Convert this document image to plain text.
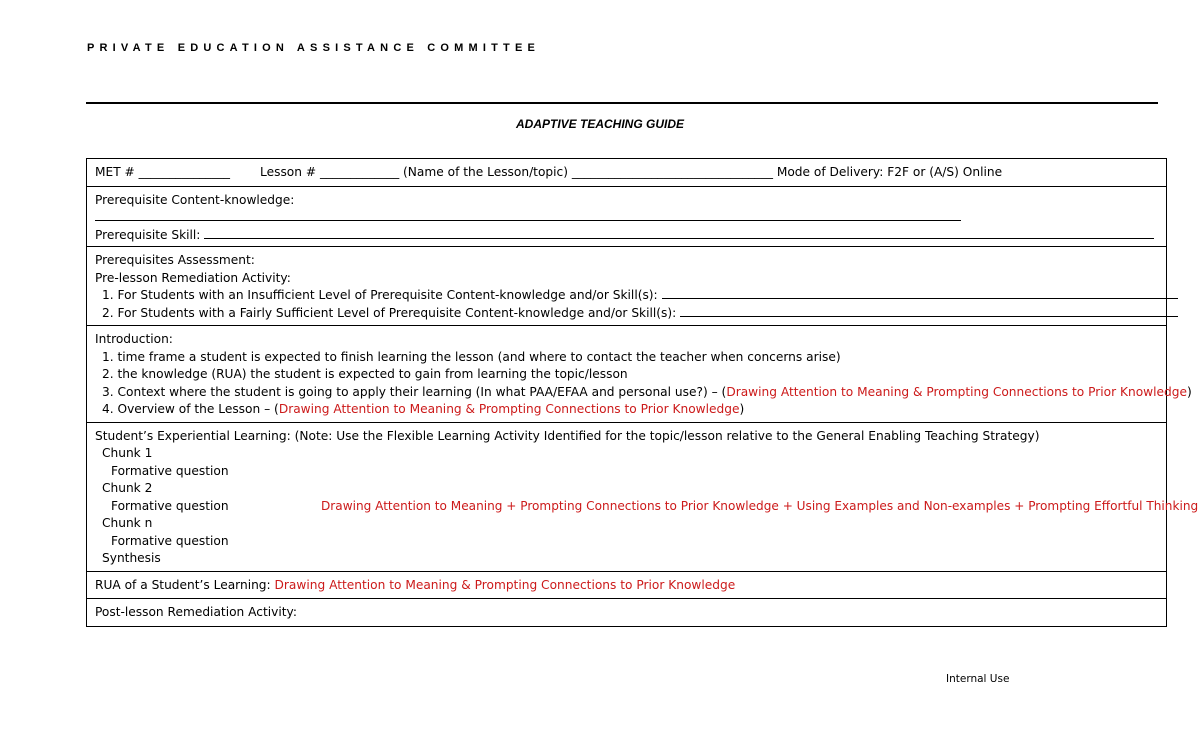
PRIVATE EDUCATION ASSISTANCE COMMITTEE
ADAPTIVE TEACHING GUIDE
MET # _______________ Lesson # _____________ (Name of the Lesson/topic) _________________________________ Mode of Delivery: F2F or (A/S) Online
Prerequisite Content-knowledge:
Prerequisite Skill:
Prerequisites Assessment:
Pre-lesson Remediation Activity:
1. For Students with an Insufficient Level of Prerequisite Content-knowledge and/or Skill(s):
2. For Students with a Fairly Sufficient Level of Prerequisite Content-knowledge and/or Skill(s):
Introduction:
1. time frame a student is expected to finish learning the lesson (and where to contact the teacher when concerns arise)
2. the knowledge (RUA) the student is expected to gain from learning the topic/lesson
3. Context where the student is going to apply their learning (In what PAA/EFAA and personal use?) – (Drawing Attention to Meaning & Prompting Connections to Prior Knowledge)
4. Overview of the Lesson – (Drawing Attention to Meaning & Prompting Connections to Prior Knowledge)
Student’s Experiential Learning: (Note: Use the Flexible Learning Activity Identified for the topic/lesson relative to the General Enabling Teaching Strategy)
Chunk 1
Formative question
Chunk 2
Formative question	Drawing Attention to Meaning + Prompting Connections to Prior Knowledge + Using Examples and Non-examples + Prompting Effortful Thinking
Chunk n
Formative question
Synthesis
RUA of a Student’s Learning: Drawing Attention to Meaning & Prompting Connections to Prior Knowledge
Post-lesson Remediation Activity:
Internal Use
